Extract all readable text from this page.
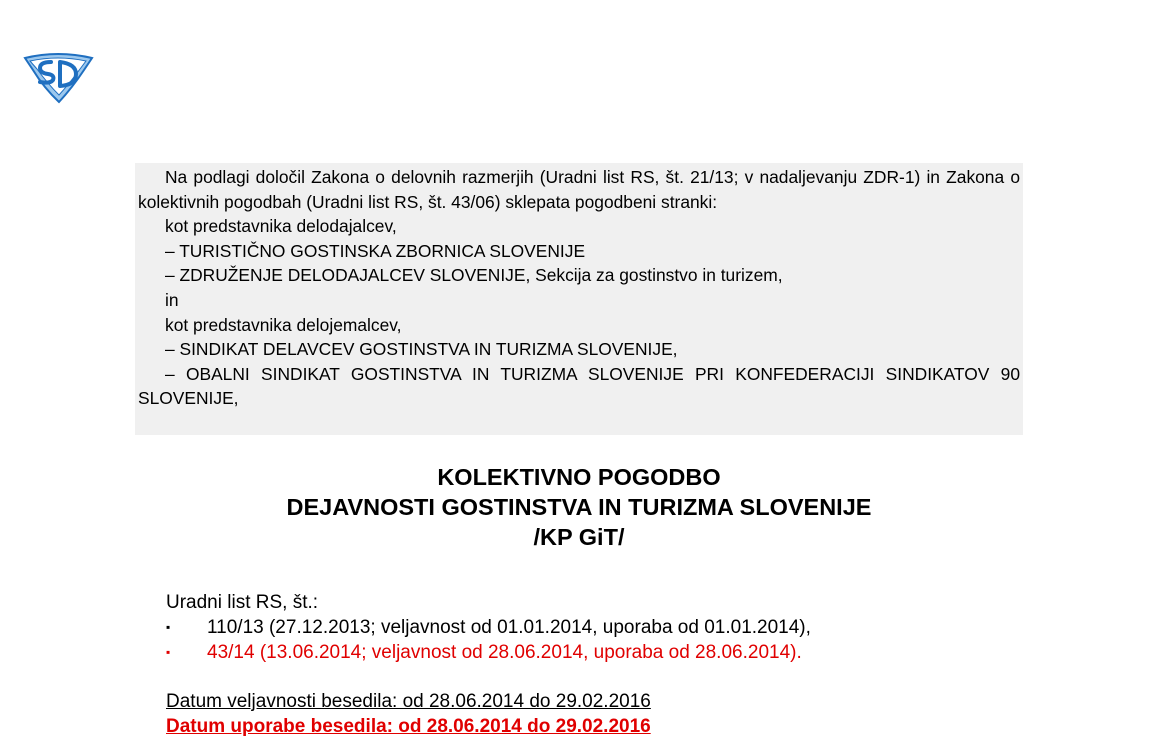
Na podlagi določil Zakona o delovnih razmerjih (Uradni list RS, št. 21/13; v nadaljevanju ZDR-1) in Zakona o kolektivnih pogodbah (Uradni list RS, št. 43/06) sklepata pogodbeni stranki:

kot predstavnika delodajalcev,

– TURISTIČNO GOSTINSKA ZBORNICA SLOVENIJE

– ZDRUŽENJE DELODAJALCEV SLOVENIJE, Sekcija za gostinstvo in turizem,

in

kot predstavnika delojemalcev,

– SINDIKAT DELAVCEV GOSTINSTVA IN TURIZMA SLOVENIJE,

– OBALNI SINDIKAT GOSTINSTVA IN TURIZMA SLOVENIJE PRI KONFEDERACIJI SINDIKATOV 90 SLOVENIJE,

KOLEKTIVNO POGODBO
DEJAVNOSTI GOSTINSTVA IN TURIZMA SLOVENIJE
/KP GiT/
Uradni list RS, št.:
▪ 110/13 (27.12.2013; veljavnost od 01.01.2014, uporaba od 01.01.2014),
▪ 43/14 (13.06.2014; veljavnost od 28.06.2014, uporaba od 28.06.2014).
Datum veljavnosti besedila: od 28.06.2014 do 29.02.2016
Datum uporabe besedila: od 28.06.2014 do 29.02.2016
